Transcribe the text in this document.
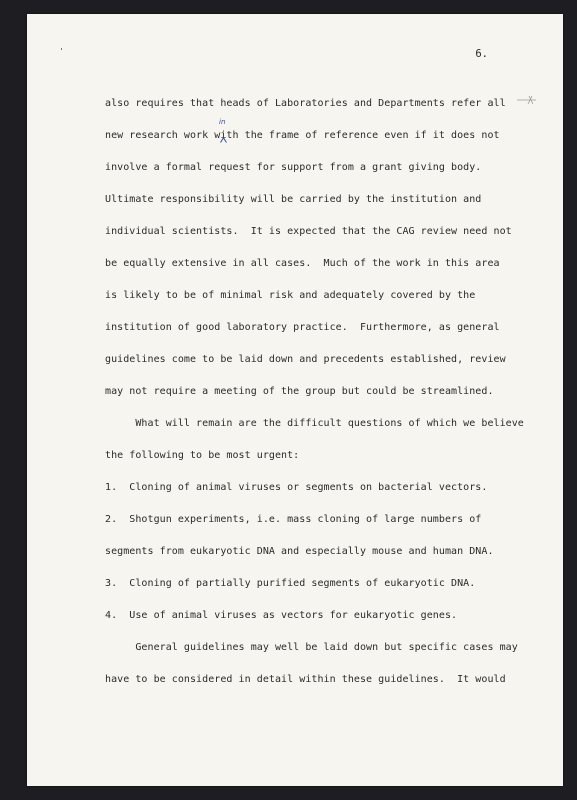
6.
also requires that heads of Laboratories and Departments refer all
new research work with the frame of reference even if it does not
involve a formal request for support from a grant giving body.
Ultimate responsibility will be carried by the institution and
individual scientists.  It is expected that the CAG review need not
be equally extensive in all cases.  Much of the work in this area
is likely to be of minimal risk and adequately covered by the
institution of good laboratory practice.  Furthermore, as general
guidelines come to be laid down and precedents established, review
may not require a meeting of the group but could be streamlined.
What will remain are the difficult questions of which we believe
the following to be most urgent:
1.  Cloning of animal viruses or segments on bacterial vectors.
2.  Shotgun experiments, i.e. mass cloning of large numbers of
segments from eukaryotic DNA and especially mouse and human DNA.
3.  Cloning of partially purified segments of eukaryotic DNA.
4.  Use of animal viruses as vectors for eukaryotic genes.
General guidelines may well be laid down but specific cases may
have to be considered in detail within these guidelines.  It would
in
